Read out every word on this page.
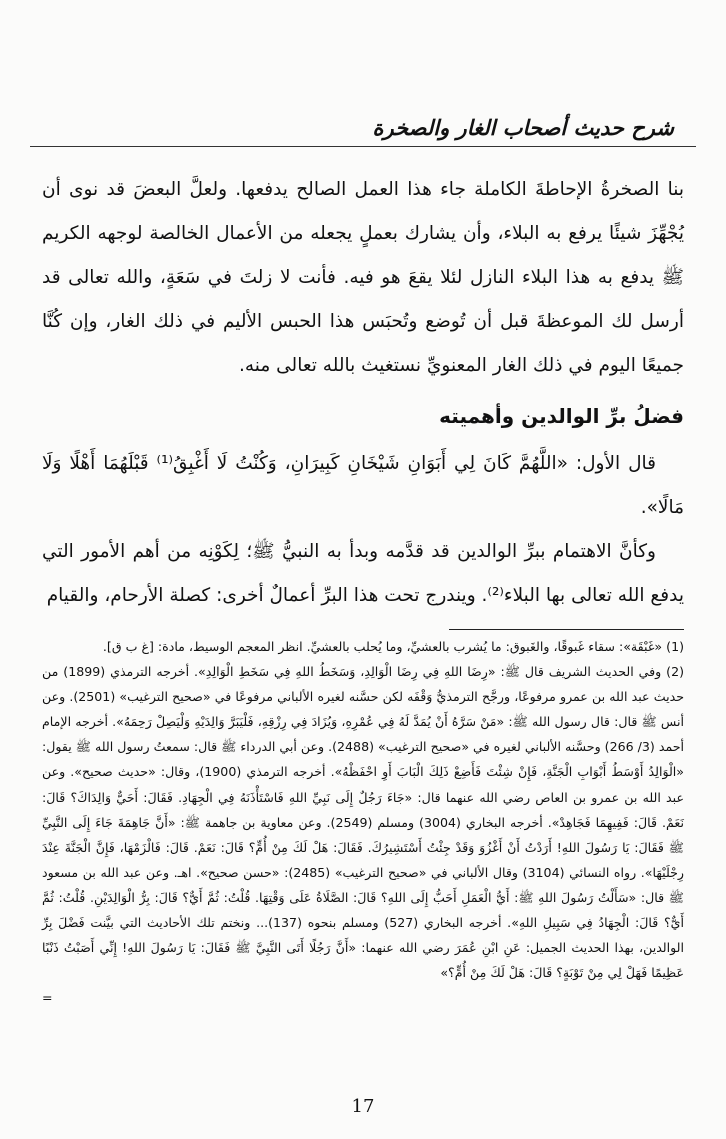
شرح حديث أصحاب الغار والصخرة

بنا الصخرةُ الإحاطةَ الكاملة جاء هذا العمل الصالح يدفعها. ولعلَّ البعضَ قد نوى أن يُجْهِّزَ شيئًا يرفع به البلاء، وأن يشارك بعملٍ يجعله من الأعمال الخالصة لوجهه الكريم ﷺ يدفع به هذا البلاء النازل لئلا يقعَ هو فيه. فأنت لا زلتَ في سَعَةٍ، والله تعالى قد أرسل لك الموعظةَ قبل أن تُوضع وتُحبَس هذا الحبس الأليم في ذلك الغار، وإن كُنَّا جميعًا اليوم في ذلك الغار المعنويِّ نستغيث بالله تعالى منه.

فضلُ برِّ الوالدين وأهميته

قال الأول: «اللَّهُمَّ كَانَ لِي أَبَوَانِ شَيْخَانِ كَبِيرَانِ، وَكُنْتُ لَا أَغْبِقُ⁽¹⁾ قَبْلَهُمَا أَهْلًا وَلَا مَالًا».

وكأنَّ الاهتمام ببرِّ الوالدين قد قدَّمه وبدأ به النبيُّ ﷺ؛ لِكَوْنِه من أهم الأمور التي يدفع الله تعالى بها البلاء⁽²⁾. ويندرج تحت هذا البرِّ أعمالٌ أخرى: كصلة الأرحام، والقيام

(1) «غَبْقَة»: سقاء غَبوقًا، والغَبوق: ما يُشرب بالعشيِّ، وما يُحلب بالعشيِّ. انظر المعجم الوسيط، مادة: [غ ب ق].

(2) وفي الحديث الشريف قال ﷺ: «رِضَا اللهِ فِي رِضَا الْوَالِدِ، وَسَخَطُ اللهِ فِي سَخَطِ الْوَالِدِ». أخرجه الترمذي (1899) من حديث عبد الله بن عمرو مرفوعًا، ورجَّح الترمذيُّ وَقْفَه لكن حسَّنه لغيره الألباني مرفوعًا في «صحيح الترغيب» (2501). وعن أنس ﷺ قال: قال رسول الله ﷺ: «مَنْ سَرَّهُ أَنْ يُمَدَّ لَهُ فِي عُمْرِهِ، وَيُزَادَ فِي رِزْقِهِ، فَلْيَبَرَّ وَالِدَيْهِ وَلْيَصِلْ رَحِمَهُ». أخرجه الإمام أحمد (3/ 266) وحسَّنه الألباني لغيره في «صحيح الترغيب» (2488). وعن أبي الدرداء ﷺ قال: سمعتُ رسول الله ﷺ يقول: «الْوَالِدُ أَوْسَطُ أَبْوَابِ الْجَنَّةِ، فَإِنْ شِئْتَ فَأَضِعْ ذَلِكَ الْبَابَ أَوِ احْفَظْهُ». أخرجه الترمذي (1900)، وقال: «حديث صحيح». وعن عبد الله بن عمرو بن العاص رضي الله عنهما قال: «جَاءَ رَجُلٌ إِلَى نَبِيِّ اللهِ فَاسْتَأْذَنَهُ فِي الْجِهَادِ. فَقَالَ: أَحَيٌّ وَالِدَاكَ؟ قَالَ: نَعَمْ. قَالَ: فَفِيهِمَا فَجَاهِدْ». أخرجه البخاري (3004) ومسلم (2549). وعن معاوية بن جاهمة ﷺ: «أَنَّ جَاهِمَةَ جَاءَ إِلَى النَّبِيِّ ﷺ فَقَالَ: يَا رَسُولَ اللهِ! أَرَدْتُ أَنْ أَغْزُوَ وَقَدْ جِئْتُ أَسْتَشِيرُكَ. فَقَالَ: هَلْ لَكَ مِنْ أُمٍّ؟ قَالَ: نَعَمْ. قَالَ: فَالْزَمْهَا، فَإِنَّ الْجَنَّةَ عِنْدَ رِجْلَيْهَا». رواه النسائي (3104) وقال الألباني في «صحيح الترغيب» (2485): «حسن صحيح». اهـ. وعن عبد الله بن مسعود ﷺ قال: «سَأَلْتُ رَسُولَ اللهِ ﷺ: أَيُّ الْعَمَلِ أَحَبُّ إِلَى اللهِ؟ قَالَ: الصَّلَاةُ عَلَى وَقْتِهَا. قُلْتُ: ثُمَّ أَيٌّ؟ قَالَ: بِرُّ الْوَالِدَيْنِ. قُلْتُ: ثُمَّ أَيٌّ؟ قَالَ: الْجِهَادُ فِي سَبِيلِ اللهِ». أخرجه البخاري (527) ومسلم بنحوه (137)... ونختم تلك الأحاديث التي بيَّنت فَضْلَ بِرِّ الوالدين، بهذا الحديث الجميل: عَنِ ابْنِ عُمَرَ رضي الله عنهما: «أَنَّ رَجُلًا أَتَى النَّبِيَّ ﷺ فَقَالَ: يَا رَسُولَ اللهِ! إِنِّي أَصَبْتُ ذَنْبًا عَظِيمًا فَهَلْ لِي مِنْ تَوْبَةٍ؟ قَالَ: هَلْ لَكَ مِنْ أُمٍّ؟»

=

17
